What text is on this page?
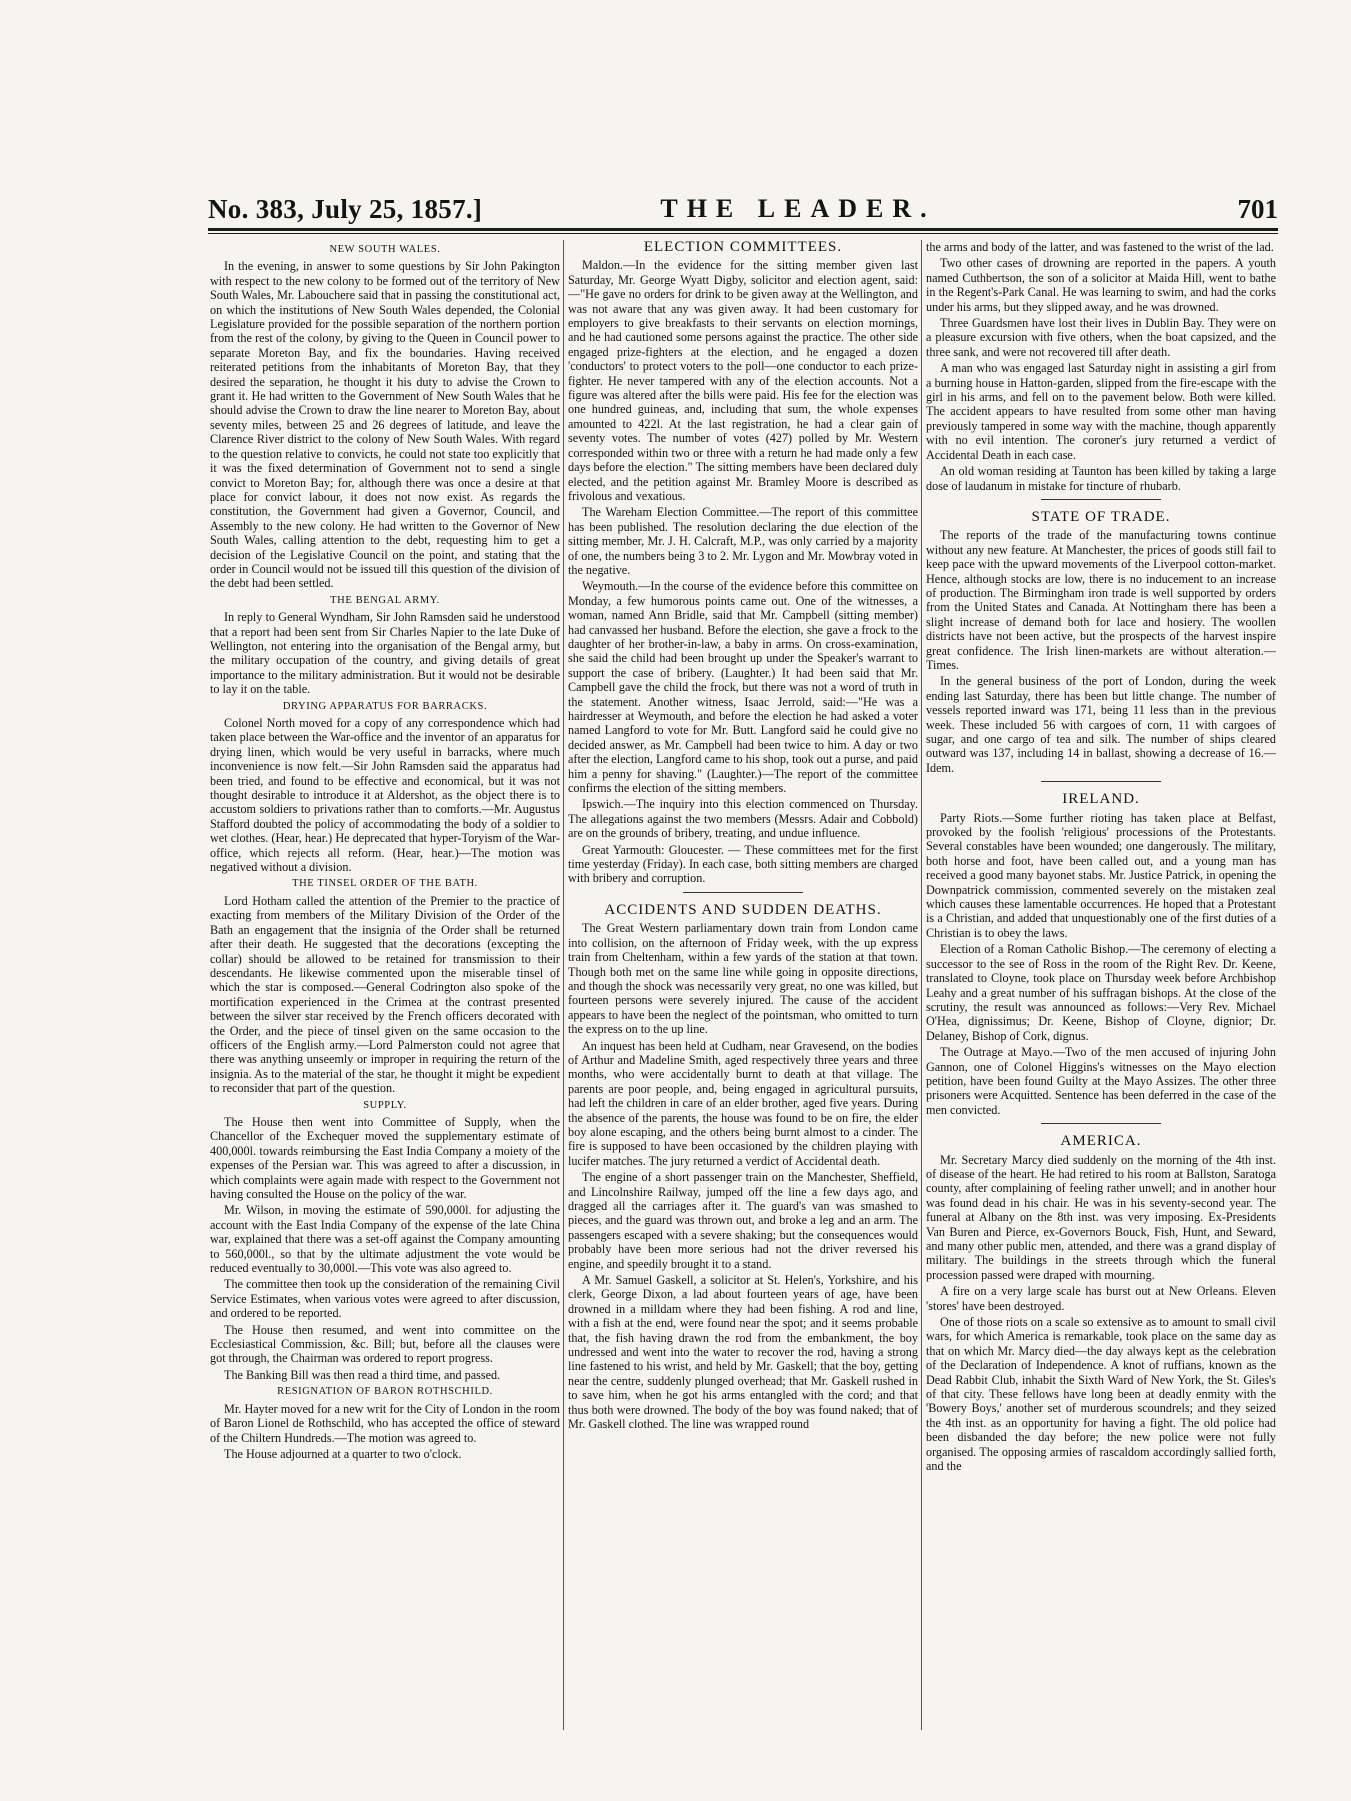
No. 383, July 25, 1857.]	THE LEADER.	701
NEW SOUTH WALES.

In the evening, in answer to some questions by Sir John Pakington with respect to the new colony to be formed out of the territory of New South Wales, Mr. Labouchere said that in passing the constitutional act, on which the institutions of New South Wales depended, the Colonial Legislature provided for the possible separation of the northern portion from the rest of the colony, by giving to the Queen in Council power to separate Moreton Bay, and fix the boundaries. Having received reiterated petitions from the inhabitants of Moreton Bay, that they desired the separation, he thought it his duty to advise the Crown to grant it. He had written to the Government of New South Wales that he should advise the Crown to draw the line nearer to Moreton Bay, about seventy miles, between 25 and 26 degrees of latitude, and leave the Clarence River district to the colony of New South Wales. With regard to the question relative to convicts, he could not state too explicitly that it was the fixed determination of Government not to send a single convict to Moreton Bay; for, although there was once a desire at that place for convict labour, it does not now exist. As regards the constitution, the Government had given a Governor, Council, and Assembly to the new colony. He had written to the Governor of New South Wales, calling attention to the debt, requesting him to get a decision of the Legislative Council on the point, and stating that the order in Council would not be issued till this question of the division of the debt had been settled.

THE BENGAL ARMY.

In reply to General Wyndham, Sir John Ramsden said he understood that a report had been sent from Sir Charles Napier to the late Duke of Wellington, not entering into the organisation of the Bengal army, but the military occupation of the country, and giving details of great importance to the military administration. But it would not be desirable to lay it on the table.

DRYING APPARATUS FOR BARRACKS.

Colonel North moved for a copy of any correspondence which had taken place between the War-office and the inventor of an apparatus for drying linen, which would be very useful in barracks, where much inconvenience is now felt.—Sir John Ramsden said the apparatus had been tried, and found to be effective and economical, but it was not thought desirable to introduce it at Aldershot, as the object there is to accustom soldiers to privations rather than to comforts.—Mr. Augustus Stafford doubted the policy of accommodating the body of a soldier to wet clothes. (Hear, hear.) He deprecated that hyper-Toryism of the War-office, which rejects all reform. (Hear, hear.)—The motion was negatived without a division.

THE TINSEL ORDER OF THE BATH.

Lord Hotham called the attention of the Premier to the practice of exacting from members of the Military Division of the Order of the Bath an engagement that the insignia of the Order shall be returned after their death. He suggested that the decorations (excepting the collar) should be allowed to be retained for transmission to their descendants. He likewise commented upon the miserable tinsel of which the star is composed.—General Codrington also spoke of the mortification experienced in the Crimea at the contrast presented between the silver star received by the French officers decorated with the Order, and the piece of tinsel given on the same occasion to the officers of the English army.—Lord Palmerston could not agree that there was anything unseemly or improper in requiring the return of the insignia. As to the material of the star, he thought it might be expedient to reconsider that part of the question.

SUPPLY.

The House then went into Committee of Supply, when the Chancellor of the Exchequer moved the supplementary estimate of 400,000l. towards reimbursing the East India Company a moiety of the expenses of the Persian war. This was agreed to after a discussion, in which complaints were again made with respect to the Government not having consulted the House on the policy of the war.

Mr. Wilson, in moving the estimate of 590,000l. for adjusting the account with the East India Company of the expense of the late China war, explained that there was a set-off against the Company amounting to 560,000l., so that by the ultimate adjustment the vote would be reduced eventually to 30,000l.—This vote was also agreed to.

The committee then took up the consideration of the remaining Civil Service Estimates, when various votes were agreed to after discussion, and ordered to be reported.

The House then resumed, and went into committee on the Ecclesiastical Commission, &c. Bill; but, before all the clauses were got through, the Chairman was ordered to report progress.

The Banking Bill was then read a third time, and passed.

RESIGNATION OF BARON ROTHSCHILD.

Mr. Hayter moved for a new writ for the City of London in the room of Baron Lionel de Rothschild, who has accepted the office of steward of the Chiltern Hundreds.—The motion was agreed to.

The House adjourned at a quarter to two o'clock.

ELECTION COMMITTEES.

Maldon.—In the evidence for the sitting member given last Saturday, Mr. George Wyatt Digby, solicitor and election agent, said:—"He gave no orders for drink to be given away at the Wellington, and was not aware that any was given away. It had been customary for employers to give breakfasts to their servants on election mornings, and he had cautioned some persons against the practice. The other side engaged prize-fighters at the election, and he engaged a dozen 'conductors' to protect voters to the poll—one conductor to each prize-fighter. He never tampered with any of the election accounts. Not a figure was altered after the bills were paid. His fee for the election was one hundred guineas, and, including that sum, the whole expenses amounted to 422l. At the last registration, he had a clear gain of seventy votes. The number of votes (427) polled by Mr. Western corresponded within two or three with a return he had made only a few days before the election." The sitting members have been declared duly elected, and the petition against Mr. Bramley Moore is described as frivolous and vexatious.

The Wareham Election Committee.—The report of this committee has been published. The resolution declaring the due election of the sitting member, Mr. J. H. Calcraft, M.P., was only carried by a majority of one, the numbers being 3 to 2. Mr. Lygon and Mr. Mowbray voted in the negative.

Weymouth.—In the course of the evidence before this committee on Monday, a few humorous points came out. One of the witnesses, a woman, named Ann Bridle, said that Mr. Campbell (sitting member) had canvassed her husband. Before the election, she gave a frock to the daughter of her brother-in-law, a baby in arms. On cross-examination, she said the child had been brought up under the Speaker's warrant to support the case of bribery. (Laughter.) It had been said that Mr. Campbell gave the child the frock, but there was not a word of truth in the statement. Another witness, Isaac Jerrold, said:—"He was a hairdresser at Weymouth, and before the election he had asked a voter named Langford to vote for Mr. Butt. Langford said he could give no decided answer, as Mr. Campbell had been twice to him. A day or two after the election, Langford came to his shop, took out a purse, and paid him a penny for shaving." (Laughter.)—The report of the committee confirms the election of the sitting members.

Ipswich.—The inquiry into this election commenced on Thursday. The allegations against the two members (Messrs. Adair and Cobbold) are on the grounds of bribery, treating, and undue influence.

Great Yarmouth: Gloucester. — These committees met for the first time yesterday (Friday). In each case, both sitting members are charged with bribery and corruption.

ACCIDENTS AND SUDDEN DEATHS.

The Great Western parliamentary down train from London came into collision, on the afternoon of Friday week, with the up express train from Cheltenham, within a few yards of the station at that town. Though both met on the same line while going in opposite directions, and though the shock was necessarily very great, no one was killed, but fourteen persons were severely injured. The cause of the accident appears to have been the neglect of the pointsman, who omitted to turn the express on to the up line.

An inquest has been held at Cudham, near Gravesend, on the bodies of Arthur and Madeline Smith, aged respectively three years and three months, who were accidentally burnt to death at that village. The parents are poor people, and, being engaged in agricultural pursuits, had left the children in care of an elder brother, aged five years. During the absence of the parents, the house was found to be on fire, the elder boy alone escaping, and the others being burnt almost to a cinder. The fire is supposed to have been occasioned by the children playing with lucifer matches. The jury returned a verdict of Accidental death.

The engine of a short passenger train on the Manchester, Sheffield, and Lincolnshire Railway, jumped off the line a few days ago, and dragged all the carriages after it. The guard's van was smashed to pieces, and the guard was thrown out, and broke a leg and an arm. The passengers escaped with a severe shaking; but the consequences would probably have been more serious had not the driver reversed his engine, and speedily brought it to a stand.

A Mr. Samuel Gaskell, a solicitor at St. Helen's, Yorkshire, and his clerk, George Dixon, a lad about fourteen years of age, have been drowned in a milldam where they had been fishing. A rod and line, with a fish at the end, were found near the spot; and it seems probable that, the fish having drawn the rod from the embankment, the boy undressed and went into the water to recover the rod, having a strong line fastened to his wrist, and held by Mr. Gaskell; that the boy, getting near the centre, suddenly plunged overhead; that Mr. Gaskell rushed in to save him, when he got his arms entangled with the cord; and that thus both were drowned. The body of the boy was found naked; that of Mr. Gaskell clothed. The line was wrapped round

the arms and body of the latter, and was fastened to the wrist of the lad.

Two other cases of drowning are reported in the papers. A youth named Cuthbertson, the son of a solicitor at Maida Hill, went to bathe in the Regent's-Park Canal. He was learning to swim, and had the corks under his arms, but they slipped away, and he was drowned.

Three Guardsmen have lost their lives in Dublin Bay. They were on a pleasure excursion with five others, when the boat capsized, and the three sank, and were not recovered till after death.

A man who was engaged last Saturday night in assisting a girl from a burning house in Hatton-garden, slipped from the fire-escape with the girl in his arms, and fell on to the pavement below. Both were killed. The accident appears to have resulted from some other man having previously tampered in some way with the machine, though apparently with no evil intention. The coroner's jury returned a verdict of Accidental Death in each case.

An old woman residing at Taunton has been killed by taking a large dose of laudanum in mistake for tincture of rhubarb.

STATE OF TRADE.

The reports of the trade of the manufacturing towns continue without any new feature. At Manchester, the prices of goods still fail to keep pace with the upward movements of the Liverpool cotton-market. Hence, although stocks are low, there is no inducement to an increase of production. The Birmingham iron trade is well supported by orders from the United States and Canada. At Nottingham there has been a slight increase of demand both for lace and hosiery. The woollen districts have not been active, but the prospects of the harvest inspire great confidence. The Irish linen-markets are without alteration.—Times.

In the general business of the port of London, during the week ending last Saturday, there has been but little change. The number of vessels reported inward was 171, being 11 less than in the previous week. These included 56 with cargoes of corn, 11 with cargoes of sugar, and one cargo of tea and silk. The number of ships cleared outward was 137, including 14 in ballast, showing a decrease of 16.—Idem.

IRELAND.

Party Riots.—Some further rioting has taken place at Belfast, provoked by the foolish 'religious' processions of the Protestants. Several constables have been wounded; one dangerously. The military, both horse and foot, have been called out, and a young man has received a good many bayonet stabs. Mr. Justice Patrick, in opening the Downpatrick commission, commented severely on the mistaken zeal which causes these lamentable occurrences. He hoped that a Protestant is a Christian, and added that unquestionably one of the first duties of a Christian is to obey the laws.

Election of a Roman Catholic Bishop.—The ceremony of electing a successor to the see of Ross in the room of the Right Rev. Dr. Keene, translated to Cloyne, took place on Thursday week before Archbishop Leahy and a great number of his suffragan bishops. At the close of the scrutiny, the result was announced as follows:—Very Rev. Michael O'Hea, dignissimus; Dr. Keene, Bishop of Cloyne, dignior; Dr. Delaney, Bishop of Cork, dignus.

The Outrage at Mayo.—Two of the men accused of injuring John Gannon, one of Colonel Higgins's witnesses on the Mayo election petition, have been found Guilty at the Mayo Assizes. The other three prisoners were Acquitted. Sentence has been deferred in the case of the men convicted.

AMERICA.

Mr. Secretary Marcy died suddenly on the morning of the 4th inst. of disease of the heart. He had retired to his room at Ballston, Saratoga county, after complaining of feeling rather unwell; and in another hour was found dead in his chair. He was in his seventy-second year. The funeral at Albany on the 8th inst. was very imposing. Ex-Presidents Van Buren and Pierce, ex-Governors Bouck, Fish, Hunt, and Seward, and many other public men, attended, and there was a grand display of military. The buildings in the streets through which the funeral procession passed were draped with mourning.

A fire on a very large scale has burst out at New Orleans. Eleven 'stores' have been destroyed.

One of those riots on a scale so extensive as to amount to small civil wars, for which America is remarkable, took place on the same day as that on which Mr. Marcy died—the day always kept as the celebration of the Declaration of Independence. A knot of ruffians, known as the Dead Rabbit Club, inhabit the Sixth Ward of New York, the St. Giles's of that city. These fellows have long been at deadly enmity with the 'Bowery Boys,' another set of murderous scoundrels; and they seized the 4th inst. as an opportunity for having a fight. The old police had been disbanded the day before; the new police were not fully organised. The opposing armies of rascaldom accordingly sallied forth, and the
